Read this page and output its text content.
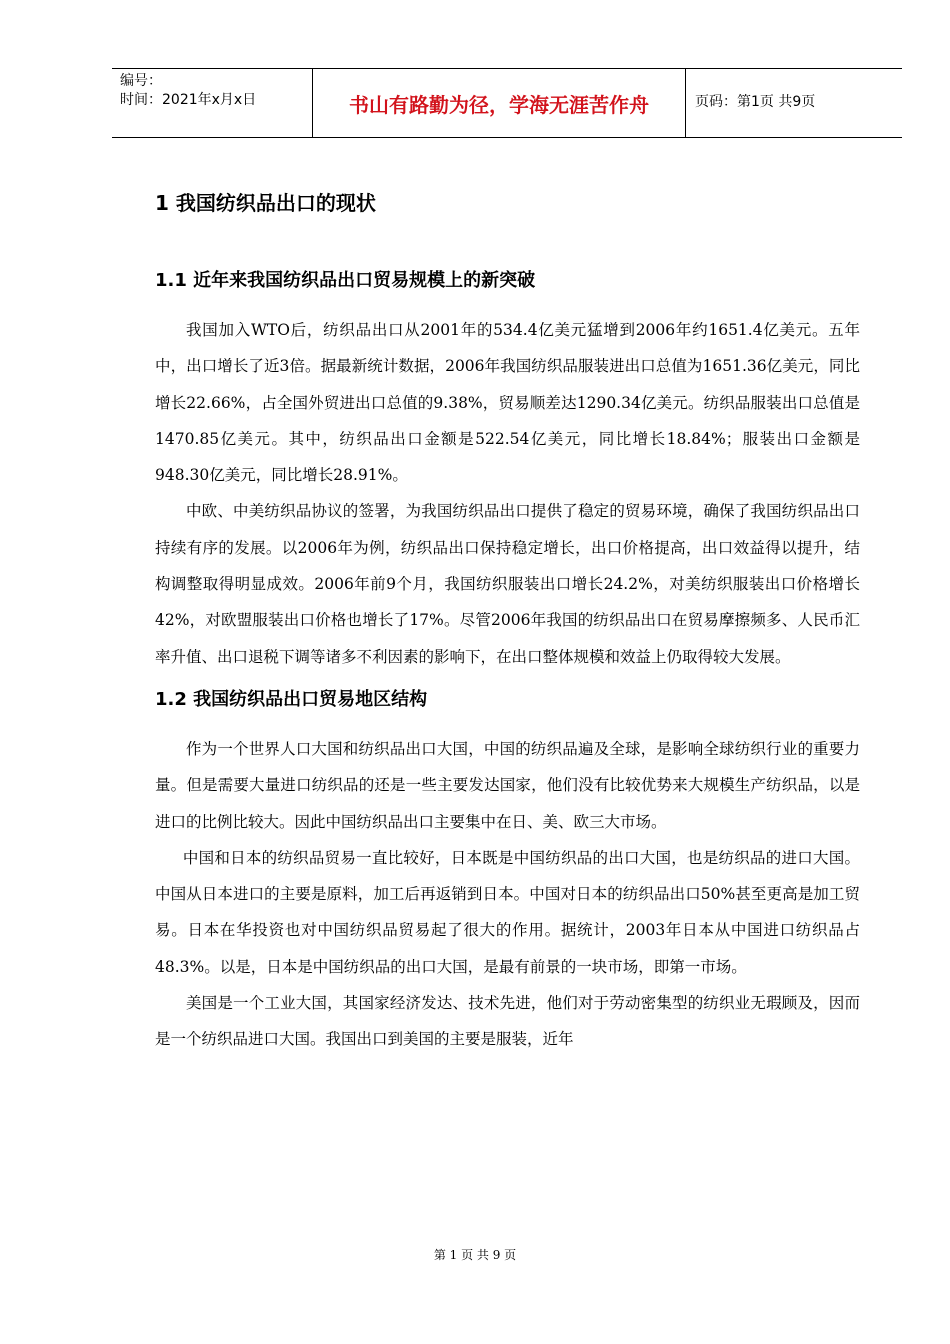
编号：
时间：2021年x月x日	书山有路勤为径，学海无涯苦作舟	页码：第1页 共9页
1 我国纺织品出口的现状
1.1 近年来我国纺织品出口贸易规模上的新突破

我国加入WTO后，纺织品出口从2001年的534.4亿美元猛增到2006年约1651.4亿美元。五年中，出口增长了近3倍。据最新统计数据，2006年我国纺织品服装进出口总值为1651.36亿美元，同比增长22.66%，占全国外贸进出口总值的9.38%，贸易顺差达1290.34亿美元。纺织品服装出口总值是1470.85亿美元。其中，纺织品出口金额是522.54亿美元，同比增长18.84%；服装出口金额是948.30亿美元，同比增长28.91%。

中欧、中美纺织品协议的签署，为我国纺织品出口提供了稳定的贸易环境，确保了我国纺织品出口持续有序的发展。以2006年为例，纺织品出口保持稳定增长，出口价格提高，出口效益得以提升，结构调整取得明显成效。2006年前9个月，我国纺织服装出口增长24.2%，对美纺织服装出口价格增长42%，对欧盟服装出口价格也增长了17%。尽管2006年我国的纺织品出口在贸易摩擦频多、人民币汇率升值、出口退税下调等诸多不利因素的影响下，在出口整体规模和效益上仍取得较大发展。

1.2 我国纺织品出口贸易地区结构

作为一个世界人口大国和纺织品出口大国，中国的纺织品遍及全球，是影响全球纺织行业的重要力量。但是需要大量进口纺织品的还是一些主要发达国家，他们没有比较优势来大规模生产纺织品，以是进口的比例比较大。因此中国纺织品出口主要集中在日、美、欧三大市场。

中国和日本的纺织品贸易一直比较好，日本既是中国纺织品的出口大国，也是纺织品的进口大国。中国从日本进口的主要是原料，加工后再返销到日本。中国对日本的纺织品出口50%甚至更高是加工贸易。日本在华投资也对中国纺织品贸易起了很大的作用。据统计，2003年日本从中国进口纺织品占48.3%。以是，日本是中国纺织品的出口大国，是最有前景的一块市场，即第一市场。

美国是一个工业大国，其国家经济发达、技术先进，他们对于劳动密集型的纺织业无瑕顾及，因而是一个纺织品进口大国。我国出口到美国的主要是服装，近年

第 1 页 共 9 页
